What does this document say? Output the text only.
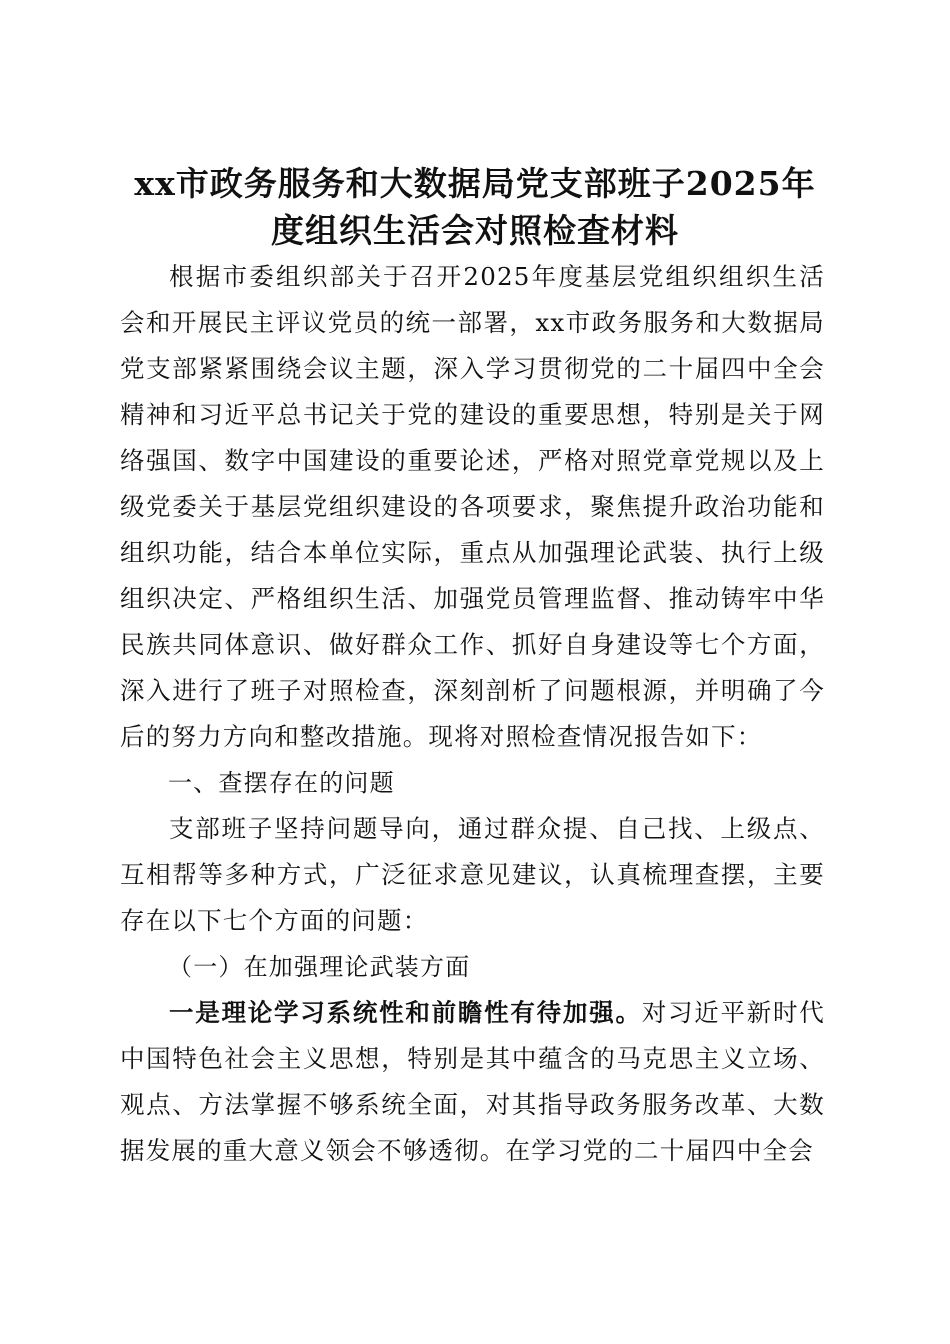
xx市政务服务和大数据局党支部班子2025年
度组织生活会对照检查材料

根据市委组织部关于召开2025年度基层党组织组织生活会和开展民主评议党员的统一部署，xx市政务服务和大数据局党支部紧紧围绕会议主题，深入学习贯彻党的二十届四中全会精神和习近平总书记关于党的建设的重要思想，特别是关于网络强国、数字中国建设的重要论述，严格对照党章党规以及上级党委关于基层党组织建设的各项要求，聚焦提升政治功能和组织功能，结合本单位实际，重点从加强理论武装、执行上级组织决定、严格组织生活、加强党员管理监督、推动铸牢中华民族共同体意识、做好群众工作、抓好自身建设等七个方面，深入进行了班子对照检查，深刻剖析了问题根源，并明确了今后的努力方向和整改措施。现将对照检查情况报告如下：

一、查摆存在的问题

支部班子坚持问题导向，通过群众提、自己找、上级点、互相帮等多种方式，广泛征求意见建议，认真梳理查摆，主要存在以下七个方面的问题：

（一）在加强理论武装方面

一是理论学习系统性和前瞻性有待加强。对习近平新时代中国特色社会主义思想，特别是其中蕴含的马克思主义立场、观点、方法掌握不够系统全面，对其指导政务服务改革、大数据发展的重大意义领会不够透彻。在学习党的二十届四中全会
